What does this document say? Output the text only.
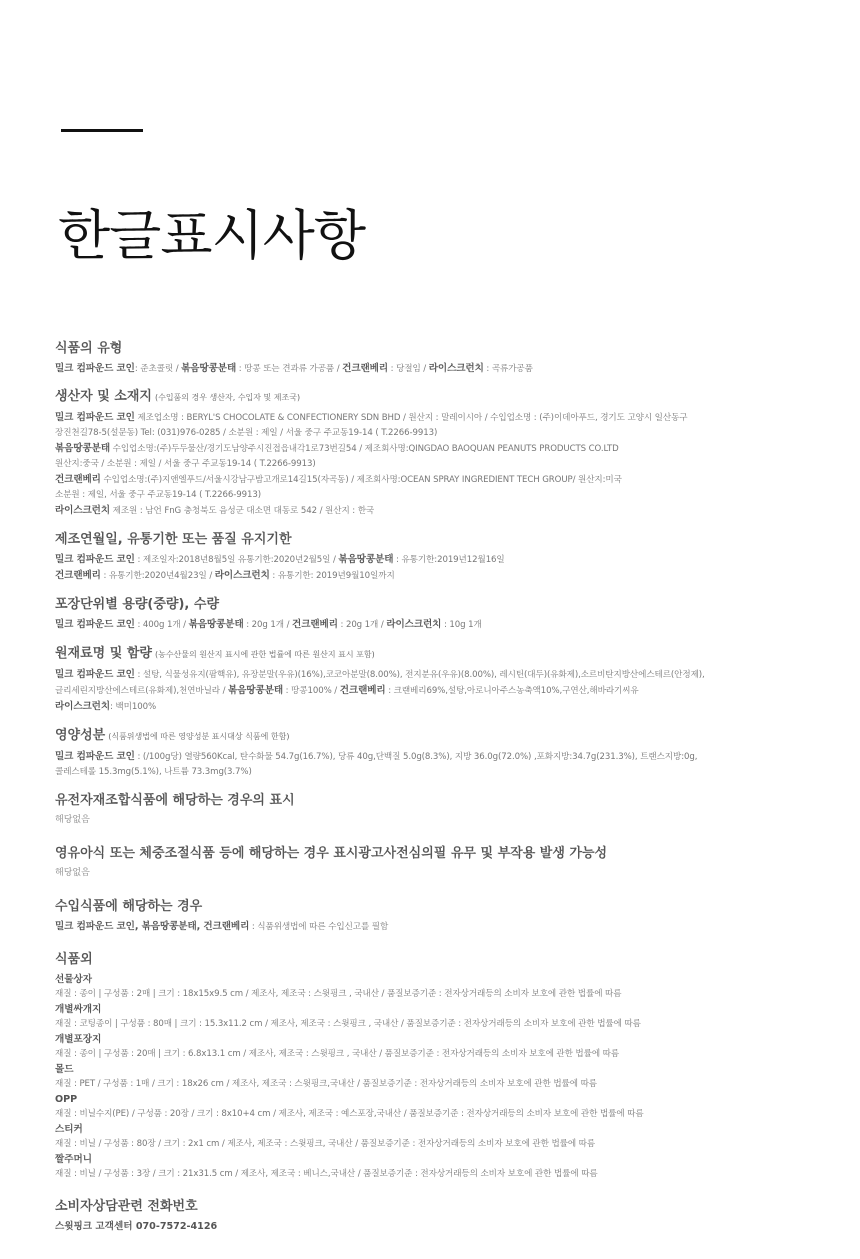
한글표시사항
식품의 유형

밀크 컴파운드 코인: 준초콜릿 / 볶음땅콩분태 : 땅콩 또는 견과류 가공품 / 건크랜베리 : 당절임 / 라이스크런치 : 곡류가공품

생산자 및 소재지 (수입품의 경우 생산자, 수입자 및 제조국)

밀크 컴파운드 코인 제조업소명 : BERYL'S CHOCOLATE & CONFECTIONERY SDN BHD / 원산지 : 말레이시아 / 수입업소명 : (주)이데아푸드, 경기도 고양시 일산동구

장진천길78-5(설문동) Tel: (031)976-0285 / 소분원 : 제일 / 서울 중구 주교동19-14 ( T.2266-9913)

볶음땅콩분태 수입업소명:(주)두두물산/경기도남양주시진접읍내각1로73번길54 / 제조회사명:QINGDAO BAOQUAN PEANUTS PRODUCTS CO.LTD

원산지:중국 / 소분원 : 제일 / 서울 중구 주교동19-14 ( T.2266-9913)

건크랜베리 수입업소명:(주)지앤엘푸드/서울시강남구밤고개로14길15(자곡동) / 제조회사명:OCEAN SPRAY INGREDIENT TECH GROUP/ 원산지:미국

소분원 : 제일, 서울 중구 주교동19-14 ( T.2266-9913)

라이스크런치 제조원 : 남언 FnG 충청북도 음성군 대소면 대동로 542 / 원산지 : 한국

제조연월일, 유통기한 또는 품질 유지기한

밀크 컴파운드 코인 : 제조일자:2018년8월5일 유통기한:2020년2월5일 / 볶음땅콩분태 : 유통기한:2019년12월16일

건크랜베리 : 유통기한:2020년4월23일 / 라이스크런치 : 유통기한: 2019년9월10일까지

포장단위별 용량(중량), 수량

밀크 컴파운드 코인 : 400g 1개 / 볶음땅콩분태 : 20g 1개 / 건크랜베리 : 20g 1개 / 라이스크런치 : 10g 1개

원재료명 및 함량 (농수산물의 원산지 표시에 관한 법률에 따른 원산지 표시 포함)

밀크 컴파운드 코인 : 설탕, 식물성유지(팜핵유), 유장분말(우유)(16%),코코아분말(8.00%), 전지분유(우유)(8.00%), 레시틴(대두)(유화제),소르비탄지방산에스테르(안정제),

글리세린지방산에스테르(유화제),천연바닐라 / 볶음땅콩분태 : 땅콩100% / 건크랜베리 : 크랜베리69%,설탕,아로니아주스농축액10%,구연산,해바라기씨유

라이스크런치: 백미100%

영양성분 (식품위생법에 따른 영양성분 표시대상 식품에 한함)

밀크 컴파운드 코인 : (/100g당) 열량560Kcal, 탄수화물 54.7g(16.7%), 당류 40g,단백질 5.0g(8.3%), 지방 36.0g(72.0%) ,포화지방:34.7g(231.3%), 트랜스지방:0g,

콜레스테롤 15.3mg(5.1%), 나트륨 73.3mg(3.7%)

유전자재조합식품에 해당하는 경우의 표시

해당없음

영유아식 또는 체중조절식품 등에 해당하는 경우 표시광고사전심의필 유무 및 부작용 발생 가능성

해당없음

수입식품에 해당하는 경우

밀크 컴파운드 코인, 볶음땅콩분태, 건크랜베리 : 식품위생법에 따른 수입신고를 필함

식품외
선물상자

재질 : 종이 | 구성품 : 2매 | 크기 : 18x15x9.5 cm / 제조사, 제조국 : 스윗핑크 , 국내산 / 품질보증기준 : 전자상거래등의 소비자 보호에 관한 법률에 따름

개별싸개지

재질 : 코팅종이 | 구성품 : 80매 | 크기 : 15.3x11.2 cm / 제조사, 제조국 : 스윗핑크 , 국내산 / 품질보증기준 : 전자상거래등의 소비자 보호에 관한 법률에 따름

개별포장지

재질 : 종이 | 구성품 : 20매 | 크기 : 6.8x13.1 cm / 제조사, 제조국 : 스윗핑크 , 국내산 / 품질보증기준 : 전자상거래등의 소비자 보호에 관한 법률에 따름

몰드

재질 : PET / 구성품 : 1매 / 크기 : 18x26 cm / 제조사, 제조국 : 스윗핑크,국내산 / 품질보증기준 : 전자상거래등의 소비자 보호에 관한 법률에 따름

OPP

재질 : 비닐수지(PE) / 구성품 : 20장 / 크기 : 8x10+4 cm / 제조사, 제조국 : 예스포장,국내산 / 품질보증기준 : 전자상거래등의 소비자 보호에 관한 법률에 따름

스티커

재질 : 비닐 / 구성품 : 80장 / 크기 : 2x1 cm / 제조사, 제조국 : 스윗핑크, 국내산 / 품질보증기준 : 전자상거래등의 소비자 보호에 관한 법률에 따름

짤주머니

재질 : 비닐 / 구성품 : 3장 / 크기 : 21x31.5 cm / 제조사, 제조국 : 베니스,국내산 / 품질보증기준 : 전자상거래등의 소비자 보호에 관한 법률에 따름

소비자상담관련 전화번호

스윗핑크 고객센터 070-7572-4126
